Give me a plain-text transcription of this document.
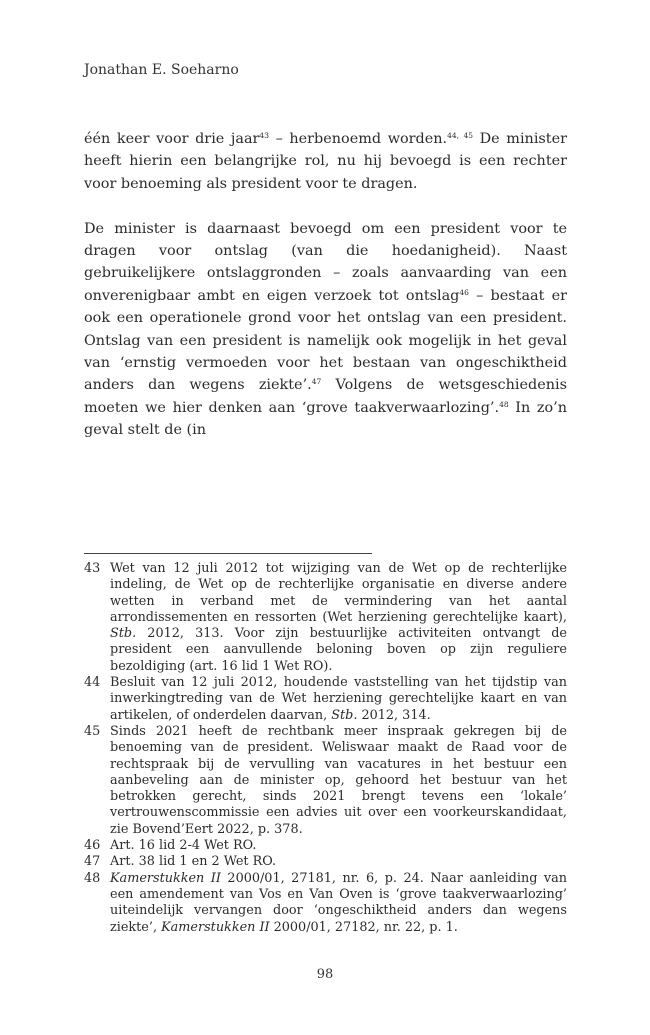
Jonathan E. Soeharno

één keer voor drie jaar$^{43}$ – herbenoemd worden.$^{44, 45}$ De minister heeft hierin een belangrijke rol, nu hij bevoegd is een rechter voor benoeming als president voor te dragen.

De minister is daarnaast bevoegd om een president voor te dragen voor ontslag (van die hoedanigheid). Naast gebruikelijkere ontslaggronden – zoals aanvaarding van een onverenigbaar ambt en eigen verzoek tot ontslag$^{46}$ – bestaat er ook een operationele grond voor het ontslag van een president. Ontslag van een president is namelijk ook mogelijk in het geval van ‘ernstig vermoeden voor het bestaan van ongeschiktheid anders dan wegens ziekte’.$^{47}$ Volgens de wetsgeschiedenis moeten we hier denken aan ‘grove taakverwaarlozing’.$^{48}$ In zo’n geval stelt de (in

43 Wet van 12 juli 2012 tot wijziging van de Wet op de rechterlijke indeling, de Wet op de rechterlijke organisatie en diverse andere wetten in verband met de vermindering van het aantal arrondissementen en ressorten (Wet herziening gerechtelijke kaart), Stb. 2012, 313. Voor zijn bestuurlijke activiteiten ontvangt de president een aanvullende beloning boven op zijn reguliere bezoldiging (art. 16 lid 1 Wet RO).
44 Besluit van 12 juli 2012, houdende vaststelling van het tijdstip van inwerkingtreding van de Wet herziening gerechtelijke kaart en van artikelen, of onderdelen daarvan, Stb. 2012, 314.
45 Sinds 2021 heeft de rechtbank meer inspraak gekregen bij de benoeming van de president. Weliswaar maakt de Raad voor de rechtspraak bij de vervulling van vacatures in het bestuur een aanbeveling aan de minister op, gehoord het bestuur van het betrokken gerecht, sinds 2021 brengt tevens een ‘lokale’ vertrouwenscommissie een advies uit over een voorkeurskandidaat, zie Bovend’Eert 2022, p. 378.
46 Art. 16 lid 2-4 Wet RO.
47 Art. 38 lid 1 en 2 Wet RO.
48 Kamerstukken II 2000/01, 27181, nr. 6, p. 24. Naar aanleiding van een amendement van Vos en Van Oven is ‘grove taakverwaarlozing’ uiteindelijk vervangen door ‘ongeschiktheid anders dan wegens ziekte’, Kamerstukken II 2000/01, 27182, nr. 22, p. 1.
98
